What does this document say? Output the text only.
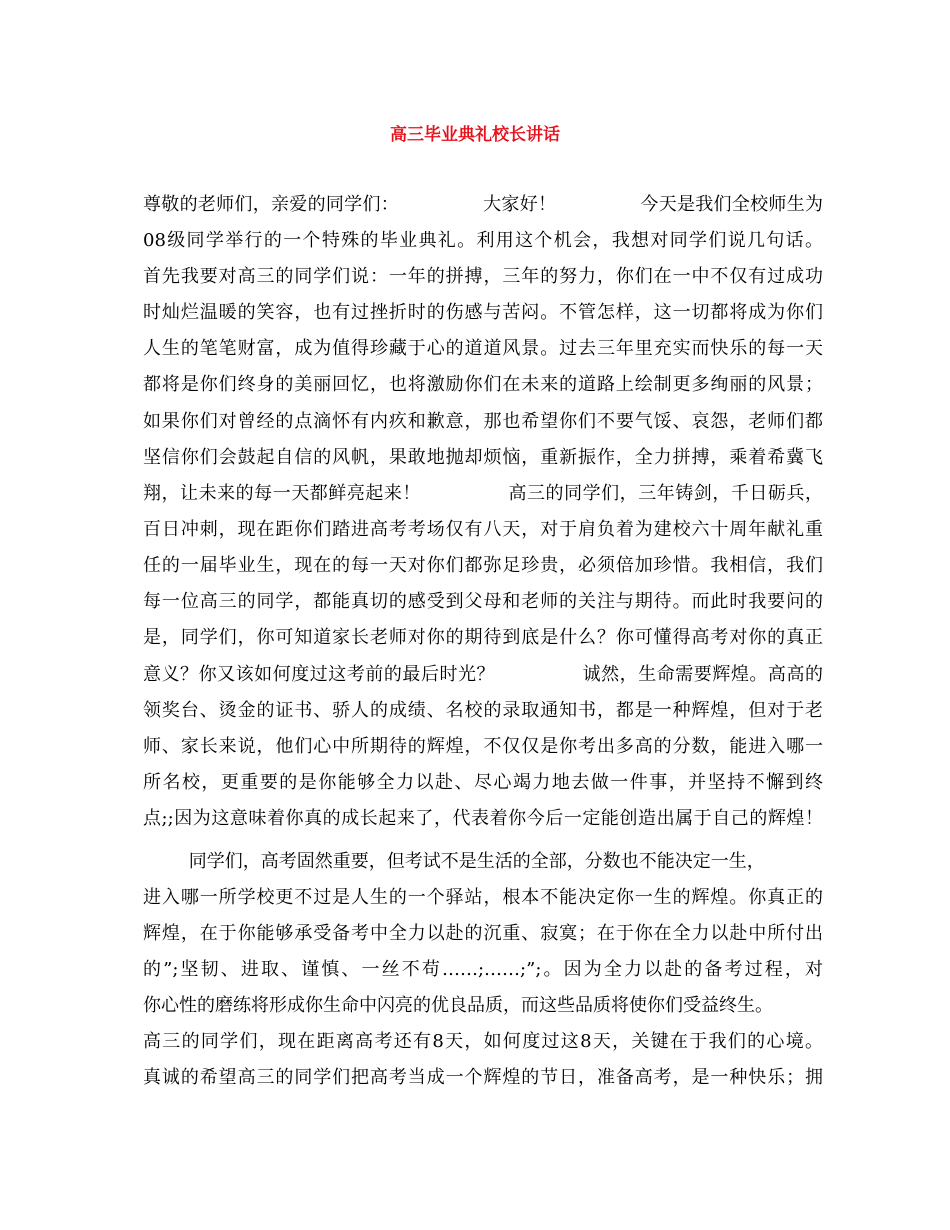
高三毕业典礼校长讲话
尊敬的老师们，亲爱的同学们：              大家好！              今天是我们全校师生为
08级同学举行的一个特殊的毕业典礼。利用这个机会，我想对同学们说几句话。
首先我要对高三的同学们说：一年的拼搏，三年的努力，你们在一中不仅有过成功
时灿烂温暖的笑容，也有过挫折时的伤感与苦闷。不管怎样，这一切都将成为你们
人生的笔笔财富，成为值得珍藏于心的道道风景。过去三年里充实而快乐的每一天
都将是你们终身的美丽回忆，也将激励你们在未来的道路上绘制更多绚丽的风景；
如果你们对曾经的点滴怀有内疚和歉意，那也希望你们不要气馁、哀怨，老师们都
坚信你们会鼓起自信的风帆，果敢地抛却烦恼，重新振作，全力拼搏，乘着希冀飞
翔，让未来的每一天都鲜亮起来！              高三的同学们，三年铸剑，千日砺兵，
百日冲刺，现在距你们踏进高考考场仅有八天，对于肩负着为建校六十周年献礼重
任的一届毕业生，现在的每一天对你们都弥足珍贵，必须倍加珍惜。我相信，我们
每一位高三的同学，都能真切的感受到父母和老师的关注与期待。而此时我要问的
是，同学们，你可知道家长老师对你的期待到底是什么？你可懂得高考对你的真正
意义？你又该如何度过这考前的最后时光？              诚然，生命需要辉煌。高高的
领奖台、烫金的证书、骄人的成绩、名校的录取通知书，都是一种辉煌，但对于老
师、家长来说，他们心中所期待的辉煌，不仅仅是你考出多高的分数，能进入哪一
所名校，更重要的是你能够全力以赴、尽心竭力地去做一件事，并坚持不懈到终
点;;因为这意味着你真的成长起来了，代表着你今后一定能创造出属于自己的辉煌！
同学们，高考固然重要，但考试不是生活的全部，分数也不能决定一生，
进入哪一所学校更不过是人生的一个驿站，根本不能决定你一生的辉煌。你真正的
辉煌，在于你能够承受备考中全力以赴的沉重、寂寞；在于你在全力以赴中所付出
的”;坚韧、进取、谨慎、一丝不苟……;……;”;。因为全力以赴的备考过程，对
你心性的磨练将形成你生命中闪亮的优良品质，而这些品质将使你们受益终生。
高三的同学们，现在距离高考还有8天，如何度过这8天，关键在于我们的心境。
真诚的希望高三的同学们把高考当成一个辉煌的节日，准备高考，是一种快乐；拥
